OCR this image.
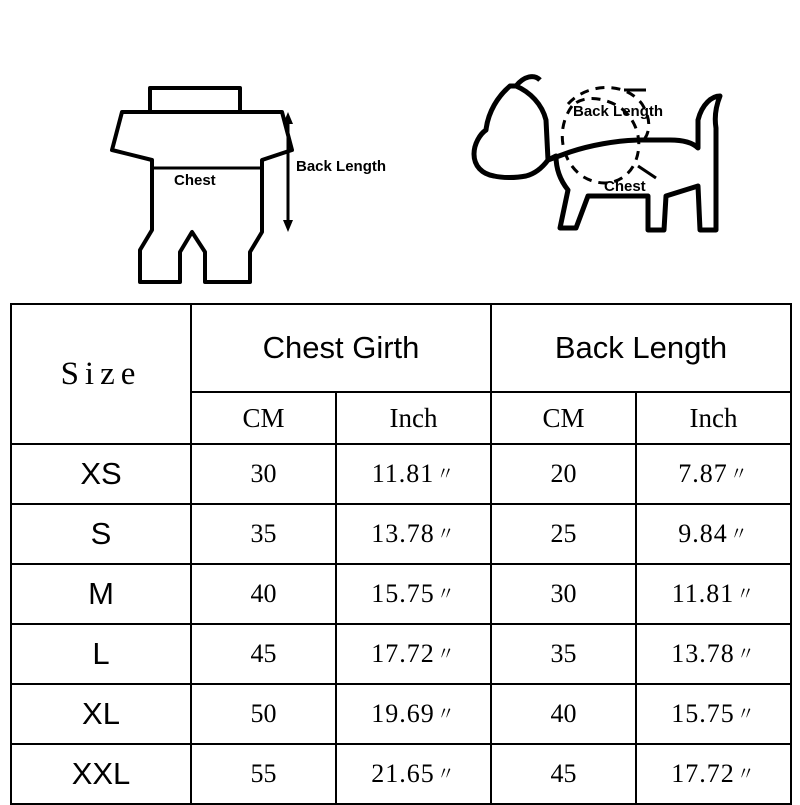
Chest
Back Length
Back Length
Chest
Size	Chest Girth		Back Length	
	CM	Inch	CM	Inch
XS	30	11.81 〃	20	7.87 〃
S	35	13.78 〃	25	9.84 〃
M	40	15.75 〃	30	11.81 〃
L	45	17.72 〃	35	13.78 〃
XL	50	19.69 〃	40	15.75 〃
XXL	55	21.65 〃	45	17.72 〃
